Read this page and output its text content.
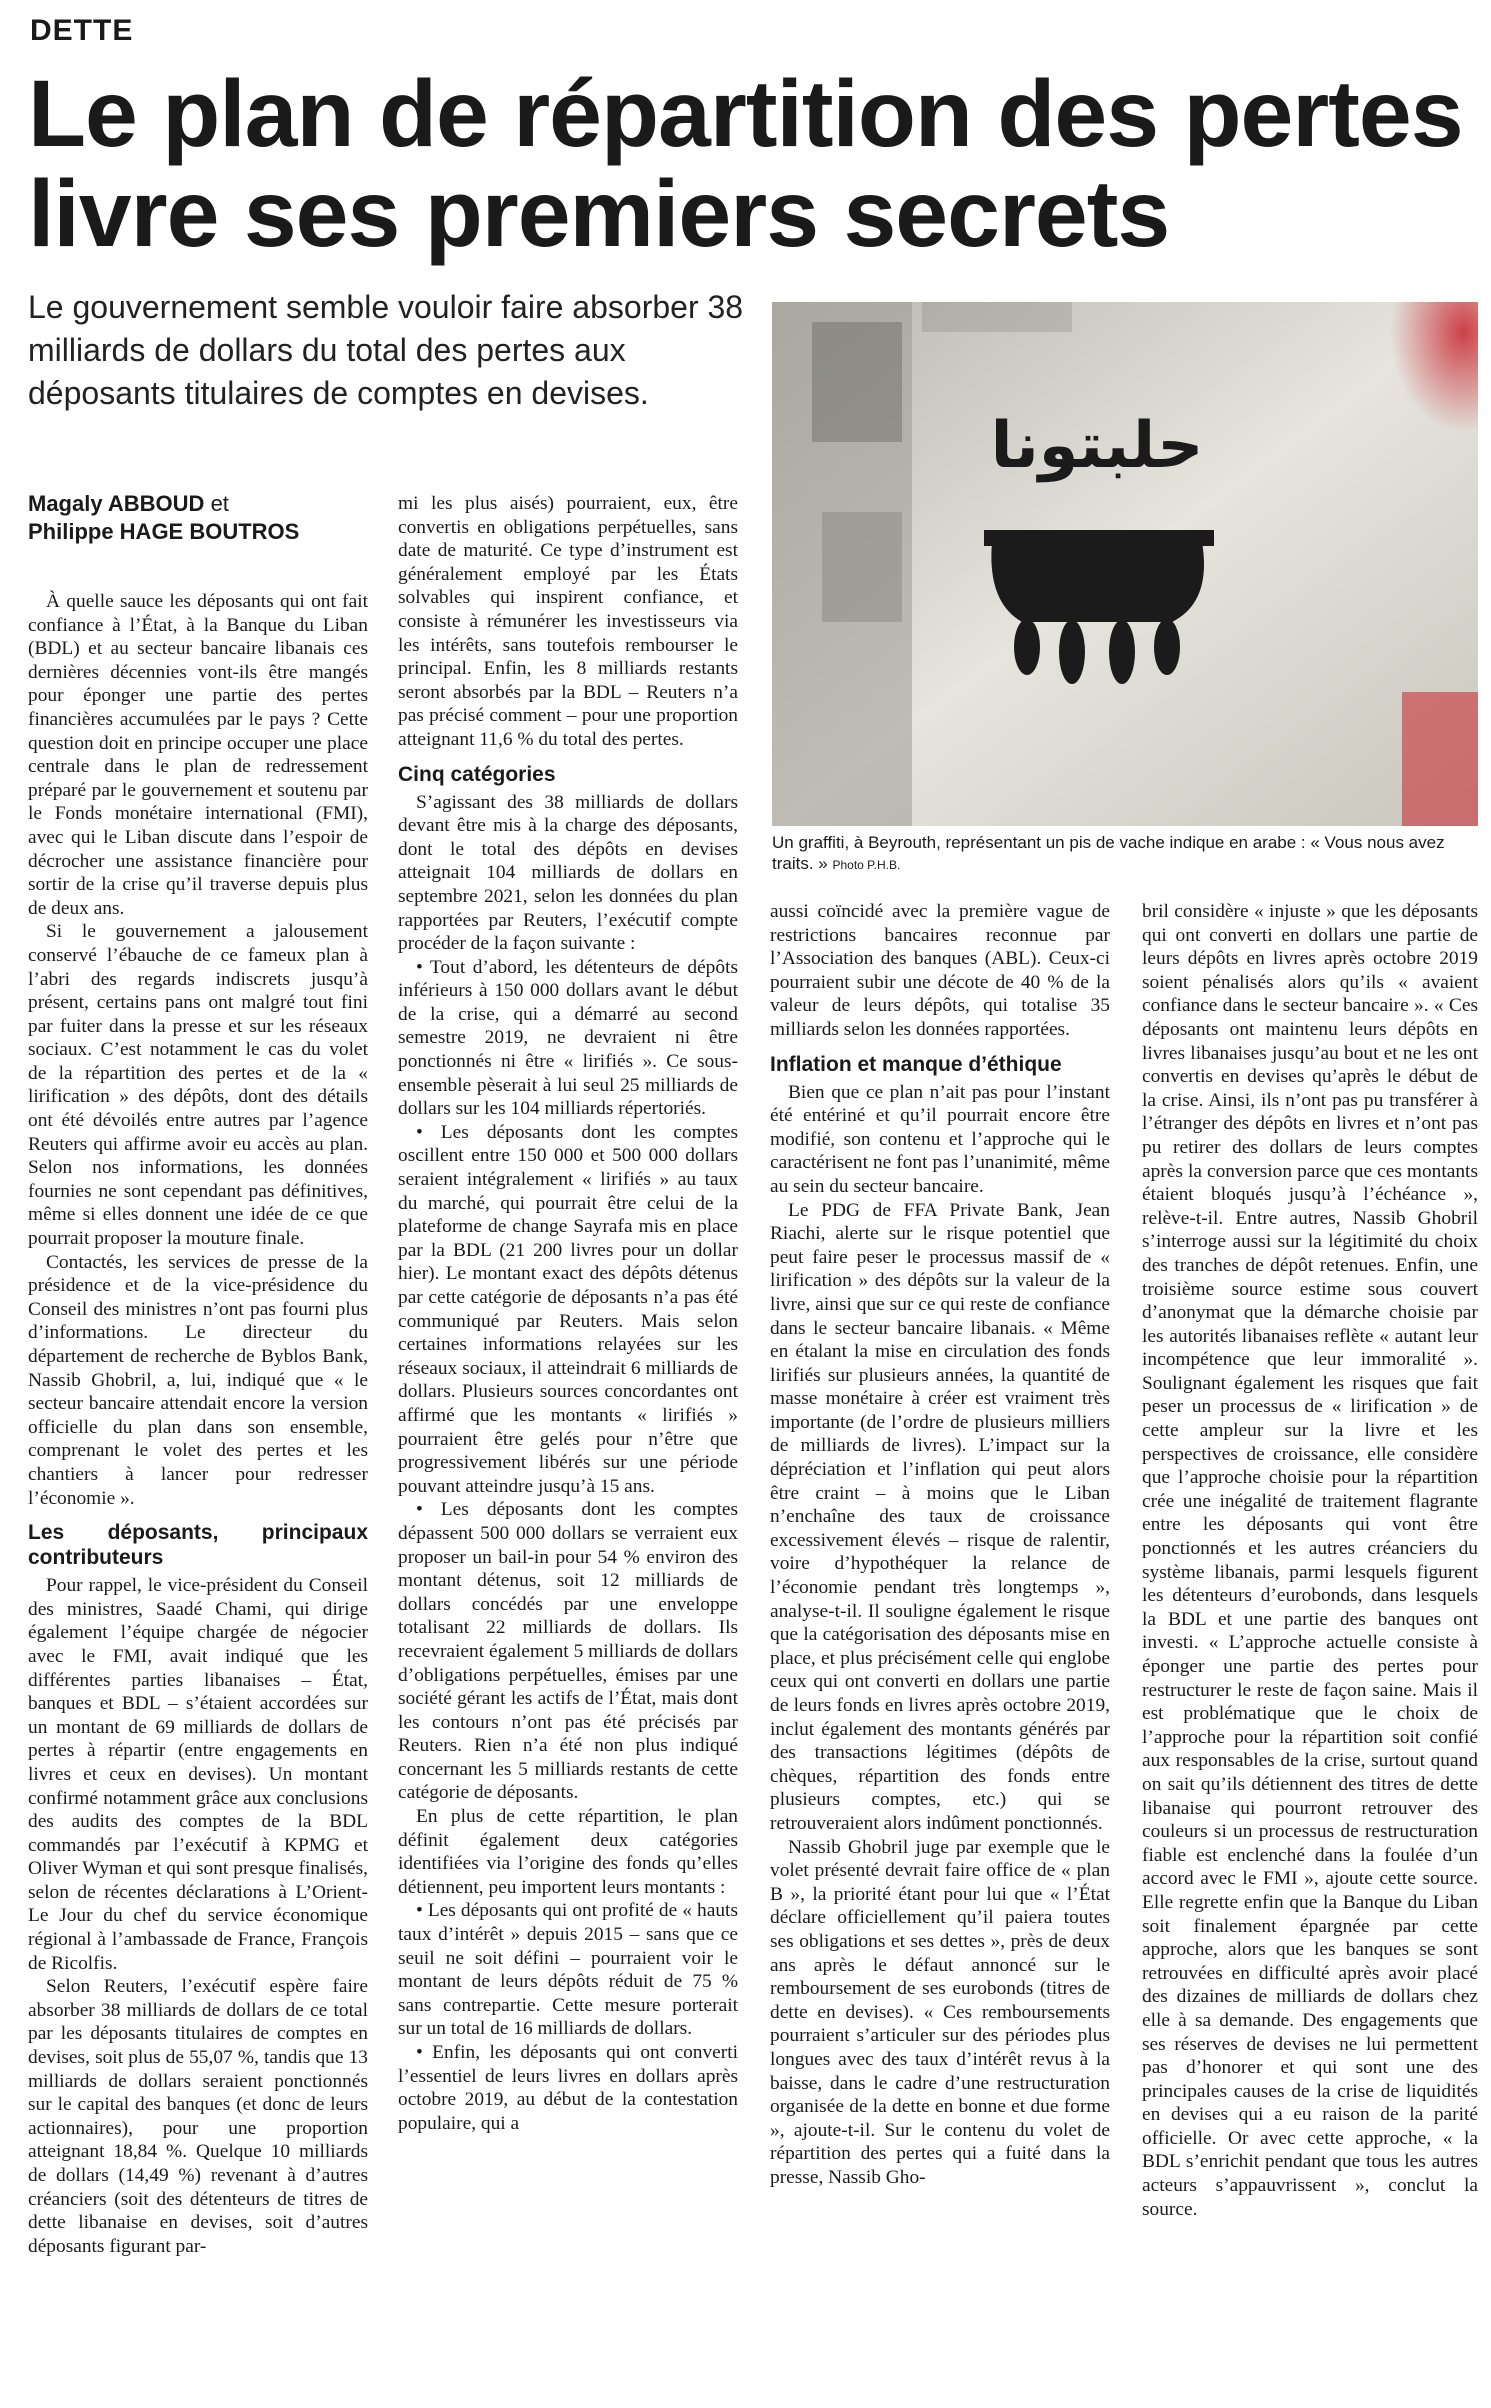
DETTE
Le plan de répartition des pertes livre ses premiers secrets
Le gouvernement semble vouloir faire absorber 38 milliards de dollars du total des pertes aux déposants titulaires de comptes en devises.
Magaly ABBOUD et
Philippe HAGE BOUTROS
حلبتونا
Un graffiti, à Beyrouth, représentant un pis de vache indique en arabe : « Vous nous avez traits. » Photo P.H.B.

À quelle sauce les déposants qui ont fait confiance à l’État, à la Banque du Liban (BDL) et au secteur bancaire libanais ces dernières décennies vont-ils être mangés pour éponger une partie des pertes financières accumulées par le pays ? Cette question doit en principe occuper une place centrale dans le plan de redressement préparé par le gouvernement et soutenu par le Fonds monétaire international (FMI), avec qui le Liban discute dans l’espoir de décrocher une assistance financière pour sortir de la crise qu’il traverse depuis plus de deux ans.

Si le gouvernement a jalousement conservé l’ébauche de ce fameux plan à l’abri des regards indiscrets jusqu’à présent, certains pans ont malgré tout fini par fuiter dans la presse et sur les réseaux sociaux. C’est notamment le cas du volet de la répartition des pertes et de la « lirification » des dépôts, dont des détails ont été dévoilés entre autres par l’agence Reuters qui affirme avoir eu accès au plan. Selon nos informations, les données fournies ne sont cependant pas définitives, même si elles donnent une idée de ce que pourrait proposer la mouture finale.

Contactés, les services de presse de la présidence et de la vice-présidence du Conseil des ministres n’ont pas fourni plus d’informations. Le directeur du département de recherche de Byblos Bank, Nassib Ghobril, a, lui, indiqué que « le secteur bancaire attendait encore la version officielle du plan dans son ensemble, comprenant le volet des pertes et les chantiers à lancer pour redresser l’économie ».

Les déposants, principaux contributeurs

Pour rappel, le vice-président du Conseil des ministres, Saadé Chami, qui dirige également l’équipe chargée de négocier avec le FMI, avait indiqué que les différentes parties libanaises – État, banques et BDL – s’étaient accordées sur un montant de 69 milliards de dollars de pertes à répartir (entre engagements en livres et ceux en devises). Un montant confirmé notamment grâce aux conclusions des audits des comptes de la BDL commandés par l’exécutif à KPMG et Oliver Wyman et qui sont presque finalisés, selon de récentes déclarations à L’Orient-Le Jour du chef du service économique régional à l’ambassade de France, François de Ricolfis.

Selon Reuters, l’exécutif espère faire absorber 38 milliards de dollars de ce total par les déposants titulaires de comptes en devises, soit plus de 55,07 %, tandis que 13 milliards de dollars seraient ponctionnés sur le capital des banques (et donc de leurs actionnaires), pour une proportion atteignant 18,84 %. Quelque 10 milliards de dollars (14,49 %) revenant à d’autres créanciers (soit des détenteurs de titres de dette libanaise en devises, soit d’autres déposants figurant par-

mi les plus aisés) pourraient, eux, être convertis en obligations perpétuelles, sans date de maturité. Ce type d’instrument est généralement employé par les États solvables qui inspirent confiance, et consiste à rémunérer les investisseurs via les intérêts, sans toutefois rembourser le principal. Enfin, les 8 milliards restants seront absorbés par la BDL – Reuters n’a pas précisé comment – pour une proportion atteignant 11,6 % du total des pertes.

Cinq catégories

S’agissant des 38 milliards de dollars devant être mis à la charge des déposants, dont le total des dépôts en devises atteignait 104 milliards de dollars en septembre 2021, selon les données du plan rapportées par Reuters, l’exécutif compte procéder de la façon suivante :

• Tout d’abord, les détenteurs de dépôts inférieurs à 150 000 dollars avant le début de la crise, qui a démarré au second semestre 2019, ne devraient ni être ponctionnés ni être « lirifiés ». Ce sous-ensemble pèserait à lui seul 25 milliards de dollars sur les 104 milliards répertoriés.

• Les déposants dont les comptes oscillent entre 150 000 et 500 000 dollars seraient intégralement « lirifiés » au taux du marché, qui pourrait être celui de la plateforme de change Sayrafa mis en place par la BDL (21 200 livres pour un dollar hier). Le montant exact des dépôts détenus par cette catégorie de déposants n’a pas été communiqué par Reuters. Mais selon certaines informations relayées sur les réseaux sociaux, il atteindrait 6 milliards de dollars. Plusieurs sources concordantes ont affirmé que les montants « lirifiés » pourraient être gelés pour n’être que progressivement libérés sur une période pouvant atteindre jusqu’à 15 ans.

• Les déposants dont les comptes dépassent 500 000 dollars se verraient eux proposer un bail-in pour 54 % environ des montant détenus, soit 12 milliards de dollars concédés par une enveloppe totalisant 22 milliards de dollars. Ils recevraient également 5 milliards de dollars d’obligations perpétuelles, émises par une société gérant les actifs de l’État, mais dont les contours n’ont pas été précisés par Reuters. Rien n’a été non plus indiqué concernant les 5 milliards restants de cette catégorie de déposants.

En plus de cette répartition, le plan définit également deux catégories identifiées via l’origine des fonds qu’elles détiennent, peu importent leurs montants :

• Les déposants qui ont profité de « hauts taux d’intérêt » depuis 2015 – sans que ce seuil ne soit défini – pourraient voir le montant de leurs dépôts réduit de 75 % sans contrepartie. Cette mesure porterait sur un total de 16 milliards de dollars.

• Enfin, les déposants qui ont converti l’essentiel de leurs livres en dollars après octobre 2019, au début de la contestation populaire, qui a

aussi coïncidé avec la première vague de restrictions bancaires reconnue par l’Association des banques (ABL). Ceux-ci pourraient subir une décote de 40 % de la valeur de leurs dépôts, qui totalise 35 milliards selon les données rapportées.

Inflation et manque d’éthique

Bien que ce plan n’ait pas pour l’instant été entériné et qu’il pourrait encore être modifié, son contenu et l’approche qui le caractérisent ne font pas l’unanimité, même au sein du secteur bancaire.

Le PDG de FFA Private Bank, Jean Riachi, alerte sur le risque potentiel que peut faire peser le processus massif de « lirification » des dépôts sur la valeur de la livre, ainsi que sur ce qui reste de confiance dans le secteur bancaire libanais. « Même en étalant la mise en circulation des fonds lirifiés sur plusieurs années, la quantité de masse monétaire à créer est vraiment très importante (de l’ordre de plusieurs milliers de milliards de livres). L’impact sur la dépréciation et l’inflation qui peut alors être craint – à moins que le Liban n’enchaîne des taux de croissance excessivement élevés – risque de ralentir, voire d’hypothéquer la relance de l’économie pendant très longtemps », analyse-t-il. Il souligne également le risque que la catégorisation des déposants mise en place, et plus précisément celle qui englobe ceux qui ont converti en dollars une partie de leurs fonds en livres après octobre 2019, inclut également des montants générés par des transactions légitimes (dépôts de chèques, répartition des fonds entre plusieurs comptes, etc.) qui se retrouveraient alors indûment ponctionnés.

Nassib Ghobril juge par exemple que le volet présenté devrait faire office de « plan B », la priorité étant pour lui que « l’État déclare officiellement qu’il paiera toutes ses obligations et ses dettes », près de deux ans après le défaut annoncé sur le remboursement de ses eurobonds (titres de dette en devises). « Ces remboursements pourraient s’articuler sur des périodes plus longues avec des taux d’intérêt revus à la baisse, dans le cadre d’une restructuration organisée de la dette en bonne et due forme », ajoute-t-il. Sur le contenu du volet de répartition des pertes qui a fuité dans la presse, Nassib Gho-

bril considère « injuste » que les déposants qui ont converti en dollars une partie de leurs dépôts en livres après octobre 2019 soient pénalisés alors qu’ils « avaient confiance dans le secteur bancaire ». « Ces déposants ont maintenu leurs dépôts en livres libanaises jusqu’au bout et ne les ont convertis en devises qu’après le début de la crise. Ainsi, ils n’ont pas pu transférer à l’étranger des dépôts en livres et n’ont pas pu retirer des dollars de leurs comptes après la conversion parce que ces montants étaient bloqués jusqu’à l’échéance », relève-t-il. Entre autres, Nassib Ghobril s’interroge aussi sur la légitimité du choix des tranches de dépôt retenues. Enfin, une troisième source estime sous couvert d’anonymat que la démarche choisie par les autorités libanaises reflète « autant leur incompétence que leur immoralité ». Soulignant également les risques que fait peser un processus de « lirification » de cette ampleur sur la livre et les perspectives de croissance, elle considère que l’approche choisie pour la répartition crée une inégalité de traitement flagrante entre les déposants qui vont être ponctionnés et les autres créanciers du système libanais, parmi lesquels figurent les détenteurs d’eurobonds, dans lesquels la BDL et une partie des banques ont investi. « L’approche actuelle consiste à éponger une partie des pertes pour restructurer le reste de façon saine. Mais il est problématique que le choix de l’approche pour la répartition soit confié aux responsables de la crise, surtout quand on sait qu’ils détiennent des titres de dette libanaise qui pourront retrouver des couleurs si un processus de restructuration fiable est enclenché dans la foulée d’un accord avec le FMI », ajoute cette source. Elle regrette enfin que la Banque du Liban soit finalement épargnée par cette approche, alors que les banques se sont retrouvées en difficulté après avoir placé des dizaines de milliards de dollars chez elle à sa demande. Des engagements que ses réserves de devises ne lui permettent pas d’honorer et qui sont une des principales causes de la crise de liquidités en devises qui a eu raison de la parité officielle. Or avec cette approche, « la BDL s’enrichit pendant que tous les autres acteurs s’appauvrissent », conclut la source.
